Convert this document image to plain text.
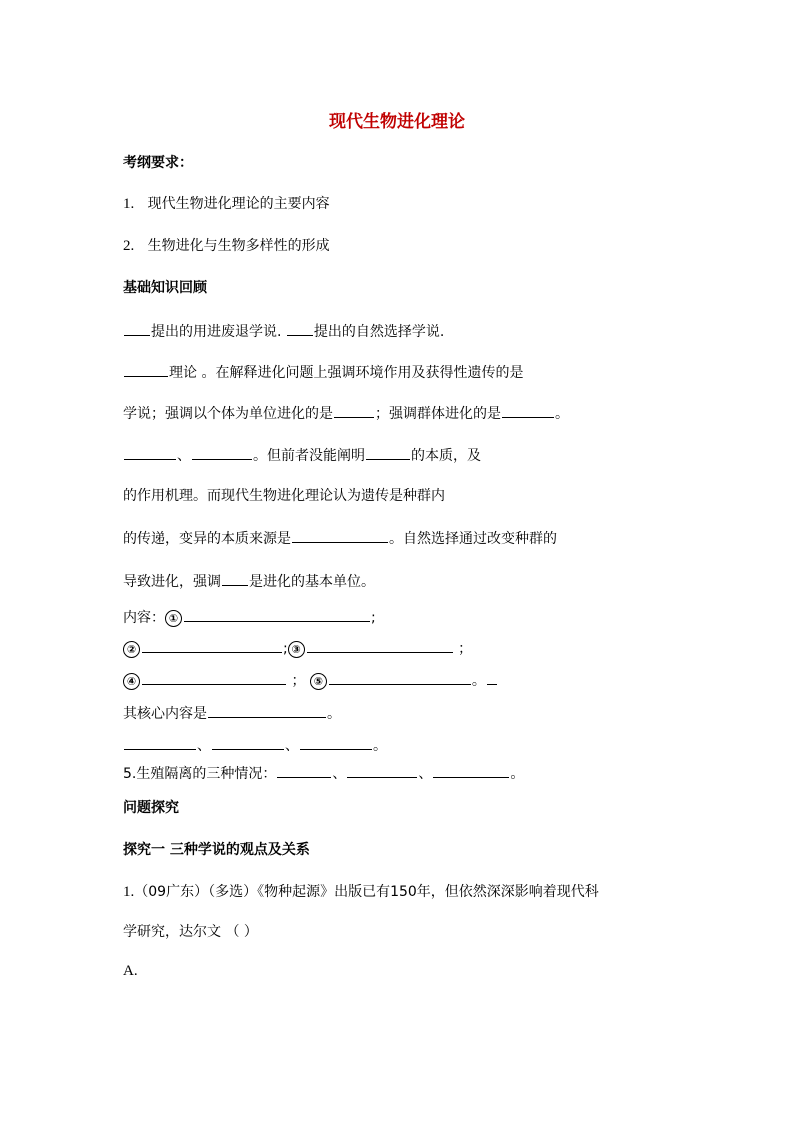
现代生物进化理论
考纲要求：
1. 现代生物进化理论的主要内容
2. 生物进化与生物多样性的形成
基础知识回顾
提出的用进废退学说. 提出的自然选择学说.
理论 。在解释进化问题上强调环境作用及获得性遗传的是
学说；强调以个体为单位进化的是	；强调群体进化的是	。
、	。但前者没能阐明	的本质，及
的作用机理。而现代生物进化理论认为遗传是种群内
的传递，变异的本质来源是	。自然选择通过改变种群的
导致进化，强调 是进化的基本单位。
内容： ①	;
②	; ③	；
④	； ⑤	。
其核心内容是	。
、	、	。
5.生殖隔离的三种情况：	、	、	。
问题探究
探究一 三种学说的观点及关系
1.（09广东）（多选）《物种起源》出版已有150年，但依然深深影响着现代科
学研究，达尔文 （ ）
A.
